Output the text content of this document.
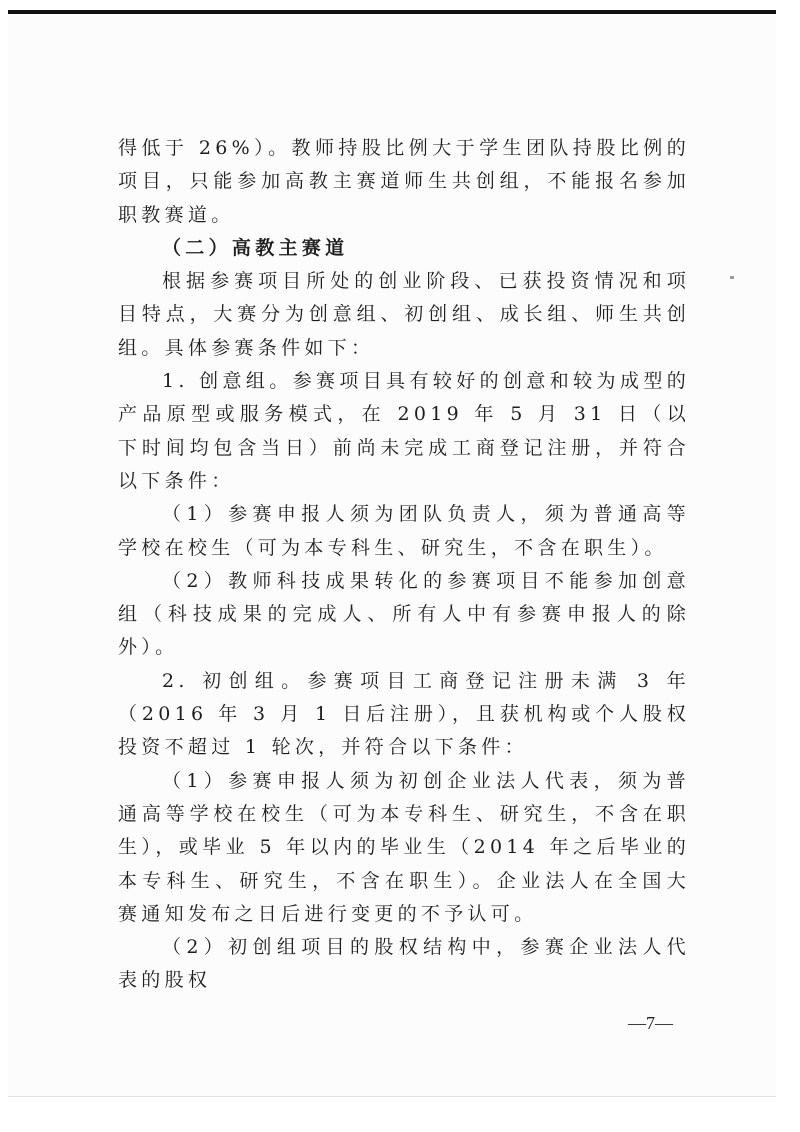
得低于 26%）。教师持股比例大于学生团队持股比例的项目，只能参加高教主赛道师生共创组，不能报名参加职教赛道。

（二）高教主赛道

根据参赛项目所处的创业阶段、已获投资情况和项目特点，大赛分为创意组、初创组、成长组、师生共创组。具体参赛条件如下：

1. 创意组。参赛项目具有较好的创意和较为成型的产品原型或服务模式，在 2019 年 5 月 31 日（以下时间均包含当日）前尚未完成工商登记注册，并符合以下条件：

（1）参赛申报人须为团队负责人，须为普通高等学校在校生（可为本专科生、研究生，不含在职生）。

（2）教师科技成果转化的参赛项目不能参加创意组（科技成果的完成人、所有人中有参赛申报人的除外）。

2. 初创组。参赛项目工商登记注册未满 3 年（2016 年 3 月 1 日后注册），且获机构或个人股权投资不超过 1 轮次，并符合以下条件：

（1）参赛申报人须为初创企业法人代表，须为普通高等学校在校生（可为本专科生、研究生，不含在职生），或毕业 5 年以内的毕业生（2014 年之后毕业的本专科生、研究生，不含在职生）。企业法人在全国大赛通知发布之日后进行变更的不予认可。

（2）初创组项目的股权结构中，参赛企业法人代表的股权

—7—
